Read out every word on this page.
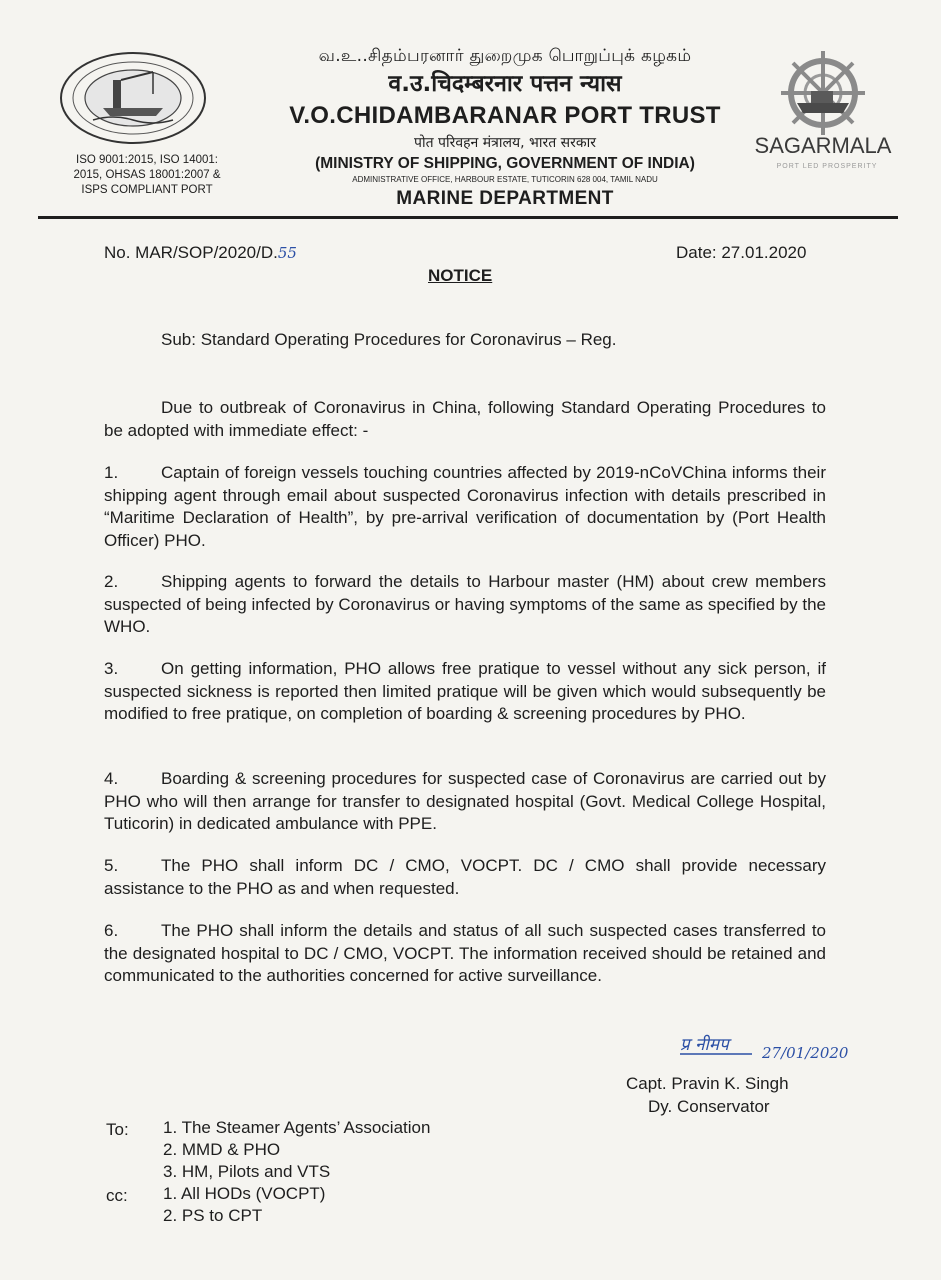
ISO 9001:2015, ISO 14001:
2015, OHSAS 18001:2007 &
ISPS COMPLIANT PORT
வ.உ..சிதம்பரனார் துறைமுக பொறுப்புக் கழகம்
व.उ.चिदम्बरनार पत्तन न्यास
V.O.CHIDAMBARANAR PORT TRUST
पोत परिवहन मंत्रालय, भारत सरकार
(MINISTRY OF SHIPPING, GOVERNMENT OF INDIA)
ADMINISTRATIVE OFFICE, HARBOUR ESTATE, TUTICORIN 628 004, TAMIL NADU
MARINE DEPARTMENT
SAGARMALA
PORT LED PROSPERITY
No. MAR/SOP/2020/D.55	Date: 27.01.2020
NOTICE
Sub: Standard Operating Procedures for Coronavirus – Reg.
Due to outbreak of Coronavirus in China, following Standard Operating Procedures to be adopted with immediate effect: -
1.	Captain of foreign vessels touching countries affected by 2019-nCoVChina informs their shipping agent through email about suspected Coronavirus infection with details prescribed in “Maritime Declaration of Health”, by pre-arrival verification of documentation by (Port Health Officer) PHO.
2.	Shipping agents to forward the details to Harbour master (HM) about crew members suspected of being infected by Coronavirus or having symptoms of the same as specified by the WHO.
3.	On getting information, PHO allows free pratique to vessel without any sick person, if suspected sickness is reported then limited pratique will be given which would subsequently be modified to free pratique, on completion of boarding & screening procedures by PHO.
4.	Boarding & screening procedures for suspected case of Coronavirus are carried out by PHO who will then arrange for transfer to designated hospital (Govt. Medical College Hospital, Tuticorin) in dedicated ambulance with PPE.
5.	The PHO shall inform DC / CMO, VOCPT. DC / CMO shall provide necessary assistance to the PHO as and when requested.
6.	The PHO shall inform the details and status of all such suspected cases transferred to the designated hospital to DC / CMO, VOCPT. The information received should be retained and communicated to the authorities concerned for active surveillance.
प्र नीमप 27/01/2020
Capt. Pravin K. Singh
Dy. Conservator
To: 1. The Steamer Agents’ Association
2. MMD & PHO
3. HM, Pilots and VTS
cc: 1. All HODs (VOCPT)
2. PS to CPT
